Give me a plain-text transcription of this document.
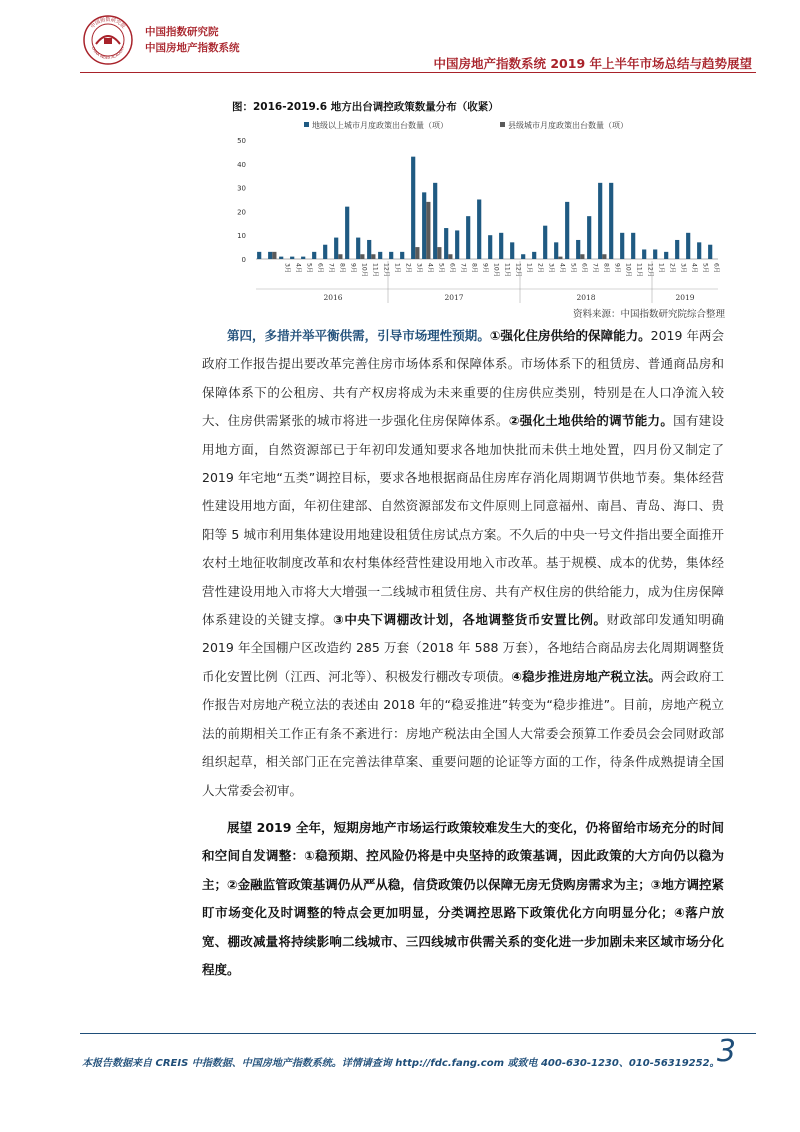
中国指数研究院
CHINA INDEX ACADEMY
中国指数研究院
中国房地产指数系统
中国房地产指数系统 2019 年上半年市场总结与趋势展望
图：2016-2019.6 地方出台调控政策数量分布（收紧）
地级以上城市月度政策出台数量（项）	县级城市月度政策出台数量（项）
0
10
20
30
40
50
3月 4月 5月 6月 7月 8月 9月 10月 11月 12月 1月 2月 3月 4月 5月 6月 7月 8月 9月 10月 11月 12月 1月 2月 3月 4月 5月 6月 7月 8月 9月 10月 11月 12月 1月 2月 3月 4月 5月 6月
2016	2017	2018	2019
资料来源：中国指数研究院综合整理

第四，多措并举平衡供需，引导市场理性预期。①强化住房供给的保障能力。2019 年两会政府工作报告提出要改革完善住房市场体系和保障体系。市场体系下的租赁房、普通商品房和保障体系下的公租房、共有产权房将成为未来重要的住房供应类别，特别是在人口净流入较大、住房供需紧张的城市将进一步强化住房保障体系。②强化土地供给的调节能力。国有建设用地方面，自然资源部已于年初印发通知要求各地加快批而未供土地处置，四月份又制定了 2019 年宅地“五类”调控目标，要求各地根据商品住房库存消化周期调节供地节奏。集体经营性建设用地方面，年初住建部、自然资源部发布文件原则上同意福州、南昌、青岛、海口、贵阳等 5 城市利用集体建设用地建设租赁住房试点方案。不久后的中央一号文件指出要全面推开农村土地征收制度改革和农村集体经营性建设用地入市改革。基于规模、成本的优势，集体经营性建设用地入市将大大增强一二线城市租赁住房、共有产权住房的供给能力，成为住房保障体系建设的关键支撑。③中央下调棚改计划，各地调整货币安置比例。财政部印发通知明确 2019 年全国棚户区改造约 285 万套（2018 年 588 万套），各地结合商品房去化周期调整货币化安置比例（江西、河北等）、积极发行棚改专项债。④稳步推进房地产税立法。两会政府工作报告对房地产税立法的表述由 2018 年的“稳妥推进”转变为“稳步推进”。目前，房地产税立法的前期相关工作正有条不紊进行：房地产税法由全国人大常委会预算工作委员会会同财政部组织起草，相关部门正在完善法律草案、重要问题的论证等方面的工作，待条件成熟提请全国人大常委会初审。

展望 2019 全年，短期房地产市场运行政策较难发生大的变化，仍将留给市场充分的时间和空间自发调整：①稳预期、控风险仍将是中央坚持的政策基调，因此政策的大方向仍以稳为主；②金融监管政策基调仍从严从稳，信贷政策仍以保障无房无贷购房需求为主；③地方调控紧盯市场变化及时调整的特点会更加明显，分类调控思路下政策优化方向明显分化；④落户放宽、棚改减量将持续影响二线城市、三四线城市供需关系的变化进一步加剧未来区域市场分化程度。

本报告数据来自 CREIS 中指数据、中国房地产指数系统。详情请查询 http://fdc.fang.com 或致电 400-630-1230、010-56319252。
3
